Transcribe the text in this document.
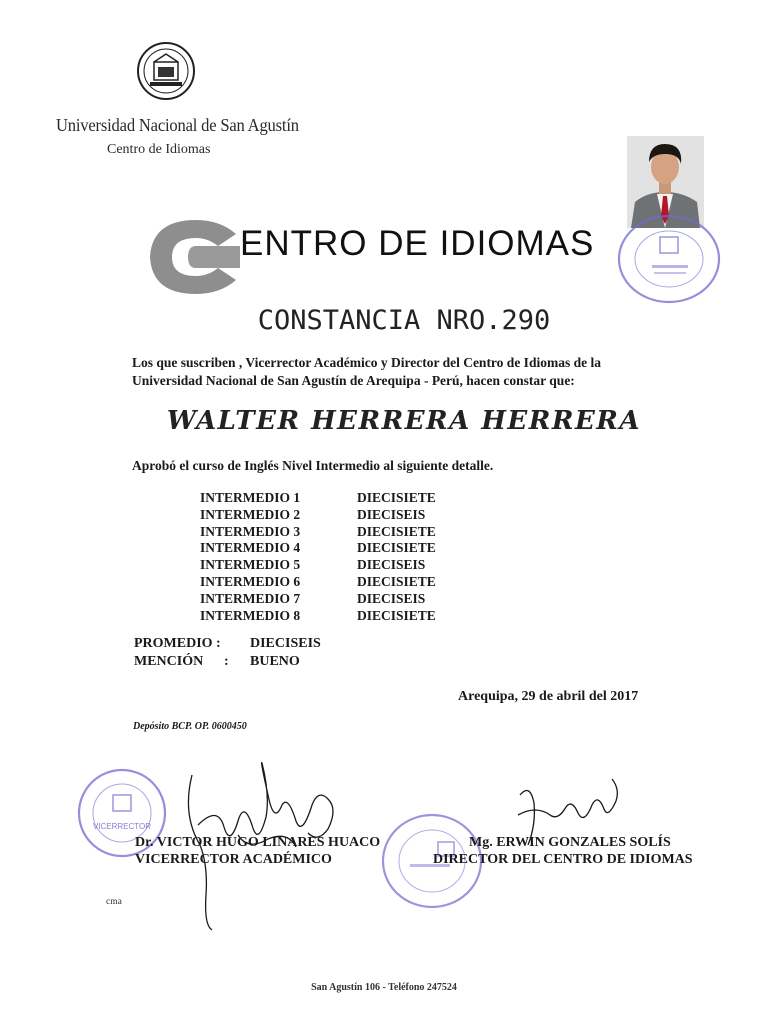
Universidad Nacional de San Agustín
Centro de Idiomas
ENTRO DE IDIOMAS
CONSTANCIA NRO.290
Los que suscriben , Vicerrector Académico y Director del Centro de Idiomas de la
Universidad Nacional de San Agustín de Arequipa - Perú, hacen constar que:
WALTER HERRERA HERRERA
Aprobó el curso de Inglés Nivel Intermedio al siguiente detalle.
INTERMEDIO 1	DIECISIETE
INTERMEDIO 2	DIECISEIS
INTERMEDIO 3	DIECISIETE
INTERMEDIO 4	DIECISIETE
INTERMEDIO 5	DIECISEIS
INTERMEDIO 6	DIECISIETE
INTERMEDIO 7	DIECISEIS
INTERMEDIO 8	DIECISIETE
PROMEDIO :	DIECISEIS
MENCIÓN	:	BUENO
Arequipa, 29 de abril del 2017
Depósito BCP. OP. 0600450
VICERRECTOR
Dr. VICTOR HUGO LINARES HUACO
VICERRECTOR ACADÉMICO
Mg. ERWIN GONZALES SOLÍS
DIRECTOR DEL CENTRO DE IDIOMAS
cma
San Agustín 106 - Teléfono 247524
